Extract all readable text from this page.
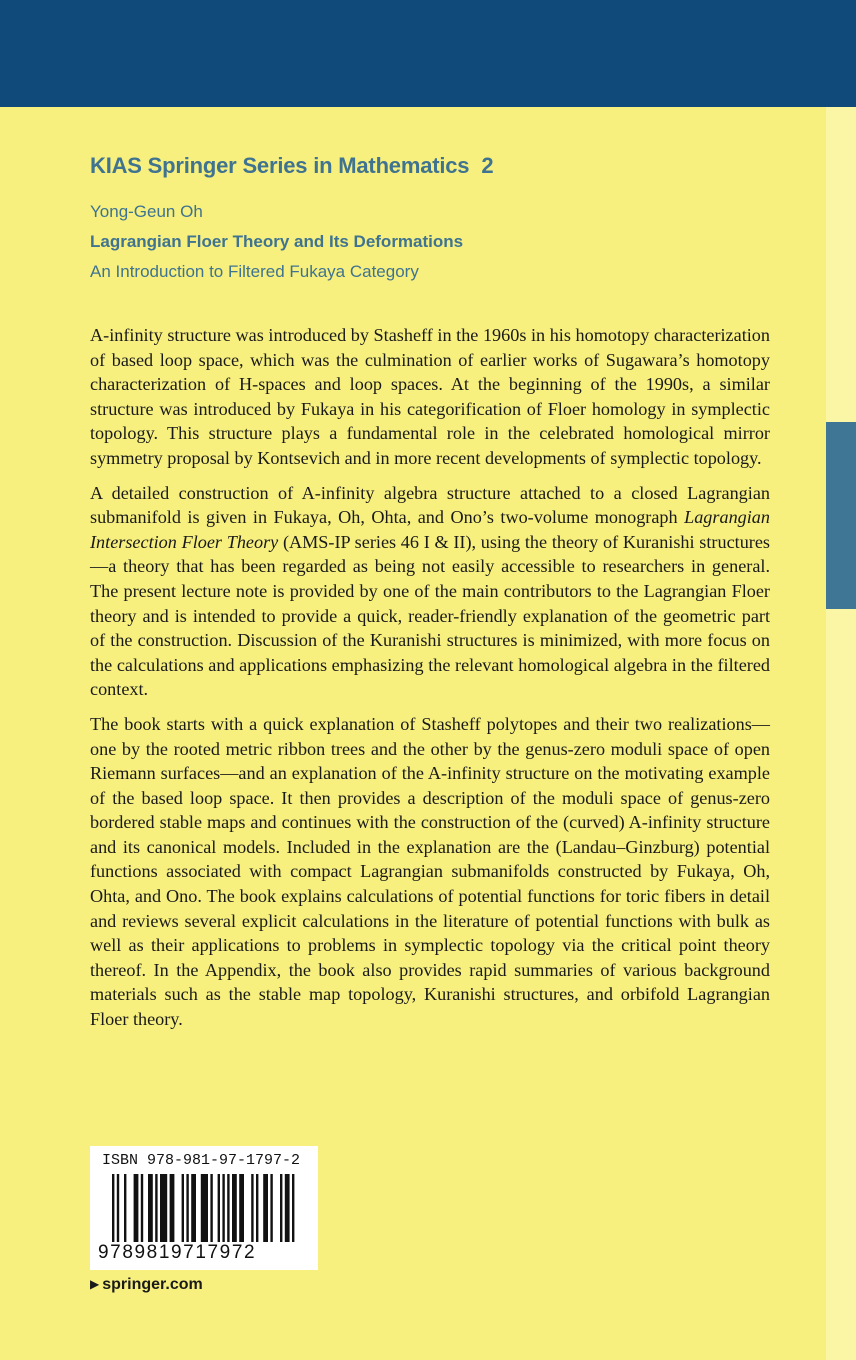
KIAS Springer Series in Mathematics 2
Yong-Geun Oh
Lagrangian Floer Theory and Its Deformations
An Introduction to Filtered Fukaya Category

A-infinity structure was introduced by Stasheff in the 1960s in his homotopy characterization of based loop space, which was the culmination of earlier works of Sugawara’s homotopy characterization of H-spaces and loop spaces. At the beginning of the 1990s, a similar structure was introduced by Fukaya in his categorification of Floer homology in symplectic topology. This structure plays a fundamental role in the celebrated homological mirror symmetry proposal by Kontsevich and in more recent developments of symplectic topology.

A detailed construction of A-infinity algebra structure attached to a closed Lagrangian submanifold is given in Fukaya, Oh, Ohta, and Ono’s two-volume monograph Lagrangian Intersection Floer Theory (AMS-IP series 46 I & II), using the theory of Kuranishi structures—a theory that has been regarded as being not easily accessible to researchers in general. The present lecture note is provided by one of the main contributors to the Lagrangian Floer theory and is intended to provide a quick, reader-friendly explanation of the geometric part of the construction. Discussion of the Kuranishi structures is minimized, with more focus on the calculations and applications emphasizing the relevant homological algebra in the filtered context.

The book starts with a quick explanation of Stasheff polytopes and their two realizations—one by the rooted metric ribbon trees and the other by the genus-zero moduli space of open Riemann surfaces—and an explanation of the A-infinity structure on the motivating example of the based loop space. It then provides a description of the moduli space of genus-zero bordered stable maps and continues with the construction of the (curved) A-infinity structure and its canonical models. Included in the explanation are the (Landau–Ginzburg) potential functions associated with compact Lagrangian submanifolds constructed by Fukaya, Oh, Ohta, and Ono. The book explains calculations of potential functions for toric fibers in detail and reviews several explicit calculations in the literature of potential functions with bulk as well as their applications to problems in symplectic topology via the critical point theory thereof. In the Appendix, the book also provides rapid summaries of various background materials such as the stable map topology, Kuranishi structures, and orbifold Lagrangian Floer theory.

ISBN 978-981-97-1797-2
9789819717972
▶ springer.com
